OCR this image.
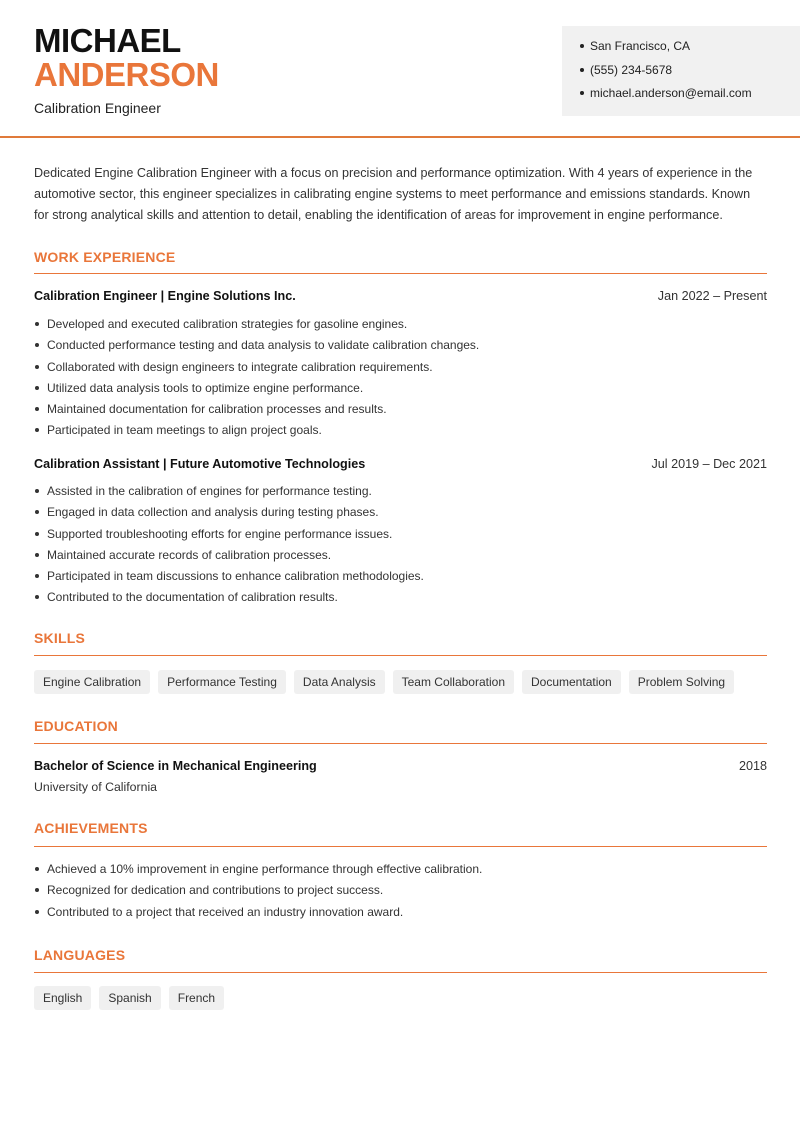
MICHAEL
ANDERSON
Calibration Engineer
San Francisco, CA
(555) 234-5678
michael.anderson@email.com

Dedicated Engine Calibration Engineer with a focus on precision and performance optimization. With 4 years of experience in the automotive sector, this engineer specializes in calibrating engine systems to meet performance and emissions standards. Known for strong analytical skills and attention to detail, enabling the identification of areas for improvement in engine performance.

WORK EXPERIENCE
Calibration Engineer | Engine Solutions Inc.	Jan 2022 – Present
Developed and executed calibration strategies for gasoline engines.
Conducted performance testing and data analysis to validate calibration changes.
Collaborated with design engineers to integrate calibration requirements.
Utilized data analysis tools to optimize engine performance.
Maintained documentation for calibration processes and results.
Participated in team meetings to align project goals.
Calibration Assistant | Future Automotive Technologies	Jul 2019 – Dec 2021
Assisted in the calibration of engines for performance testing.
Engaged in data collection and analysis during testing phases.
Supported troubleshooting efforts for engine performance issues.
Maintained accurate records of calibration processes.
Participated in team discussions to enhance calibration methodologies.
Contributed to the documentation of calibration results.
SKILLS
Engine Calibration	Performance Testing	Data Analysis	Team Collaboration	Documentation	Problem Solving
EDUCATION
Bachelor of Science in Mechanical Engineering	2018
University of California
ACHIEVEMENTS
Achieved a 10% improvement in engine performance through effective calibration.
Recognized for dedication and contributions to project success.
Contributed to a project that received an industry innovation award.
LANGUAGES
English	Spanish	French
